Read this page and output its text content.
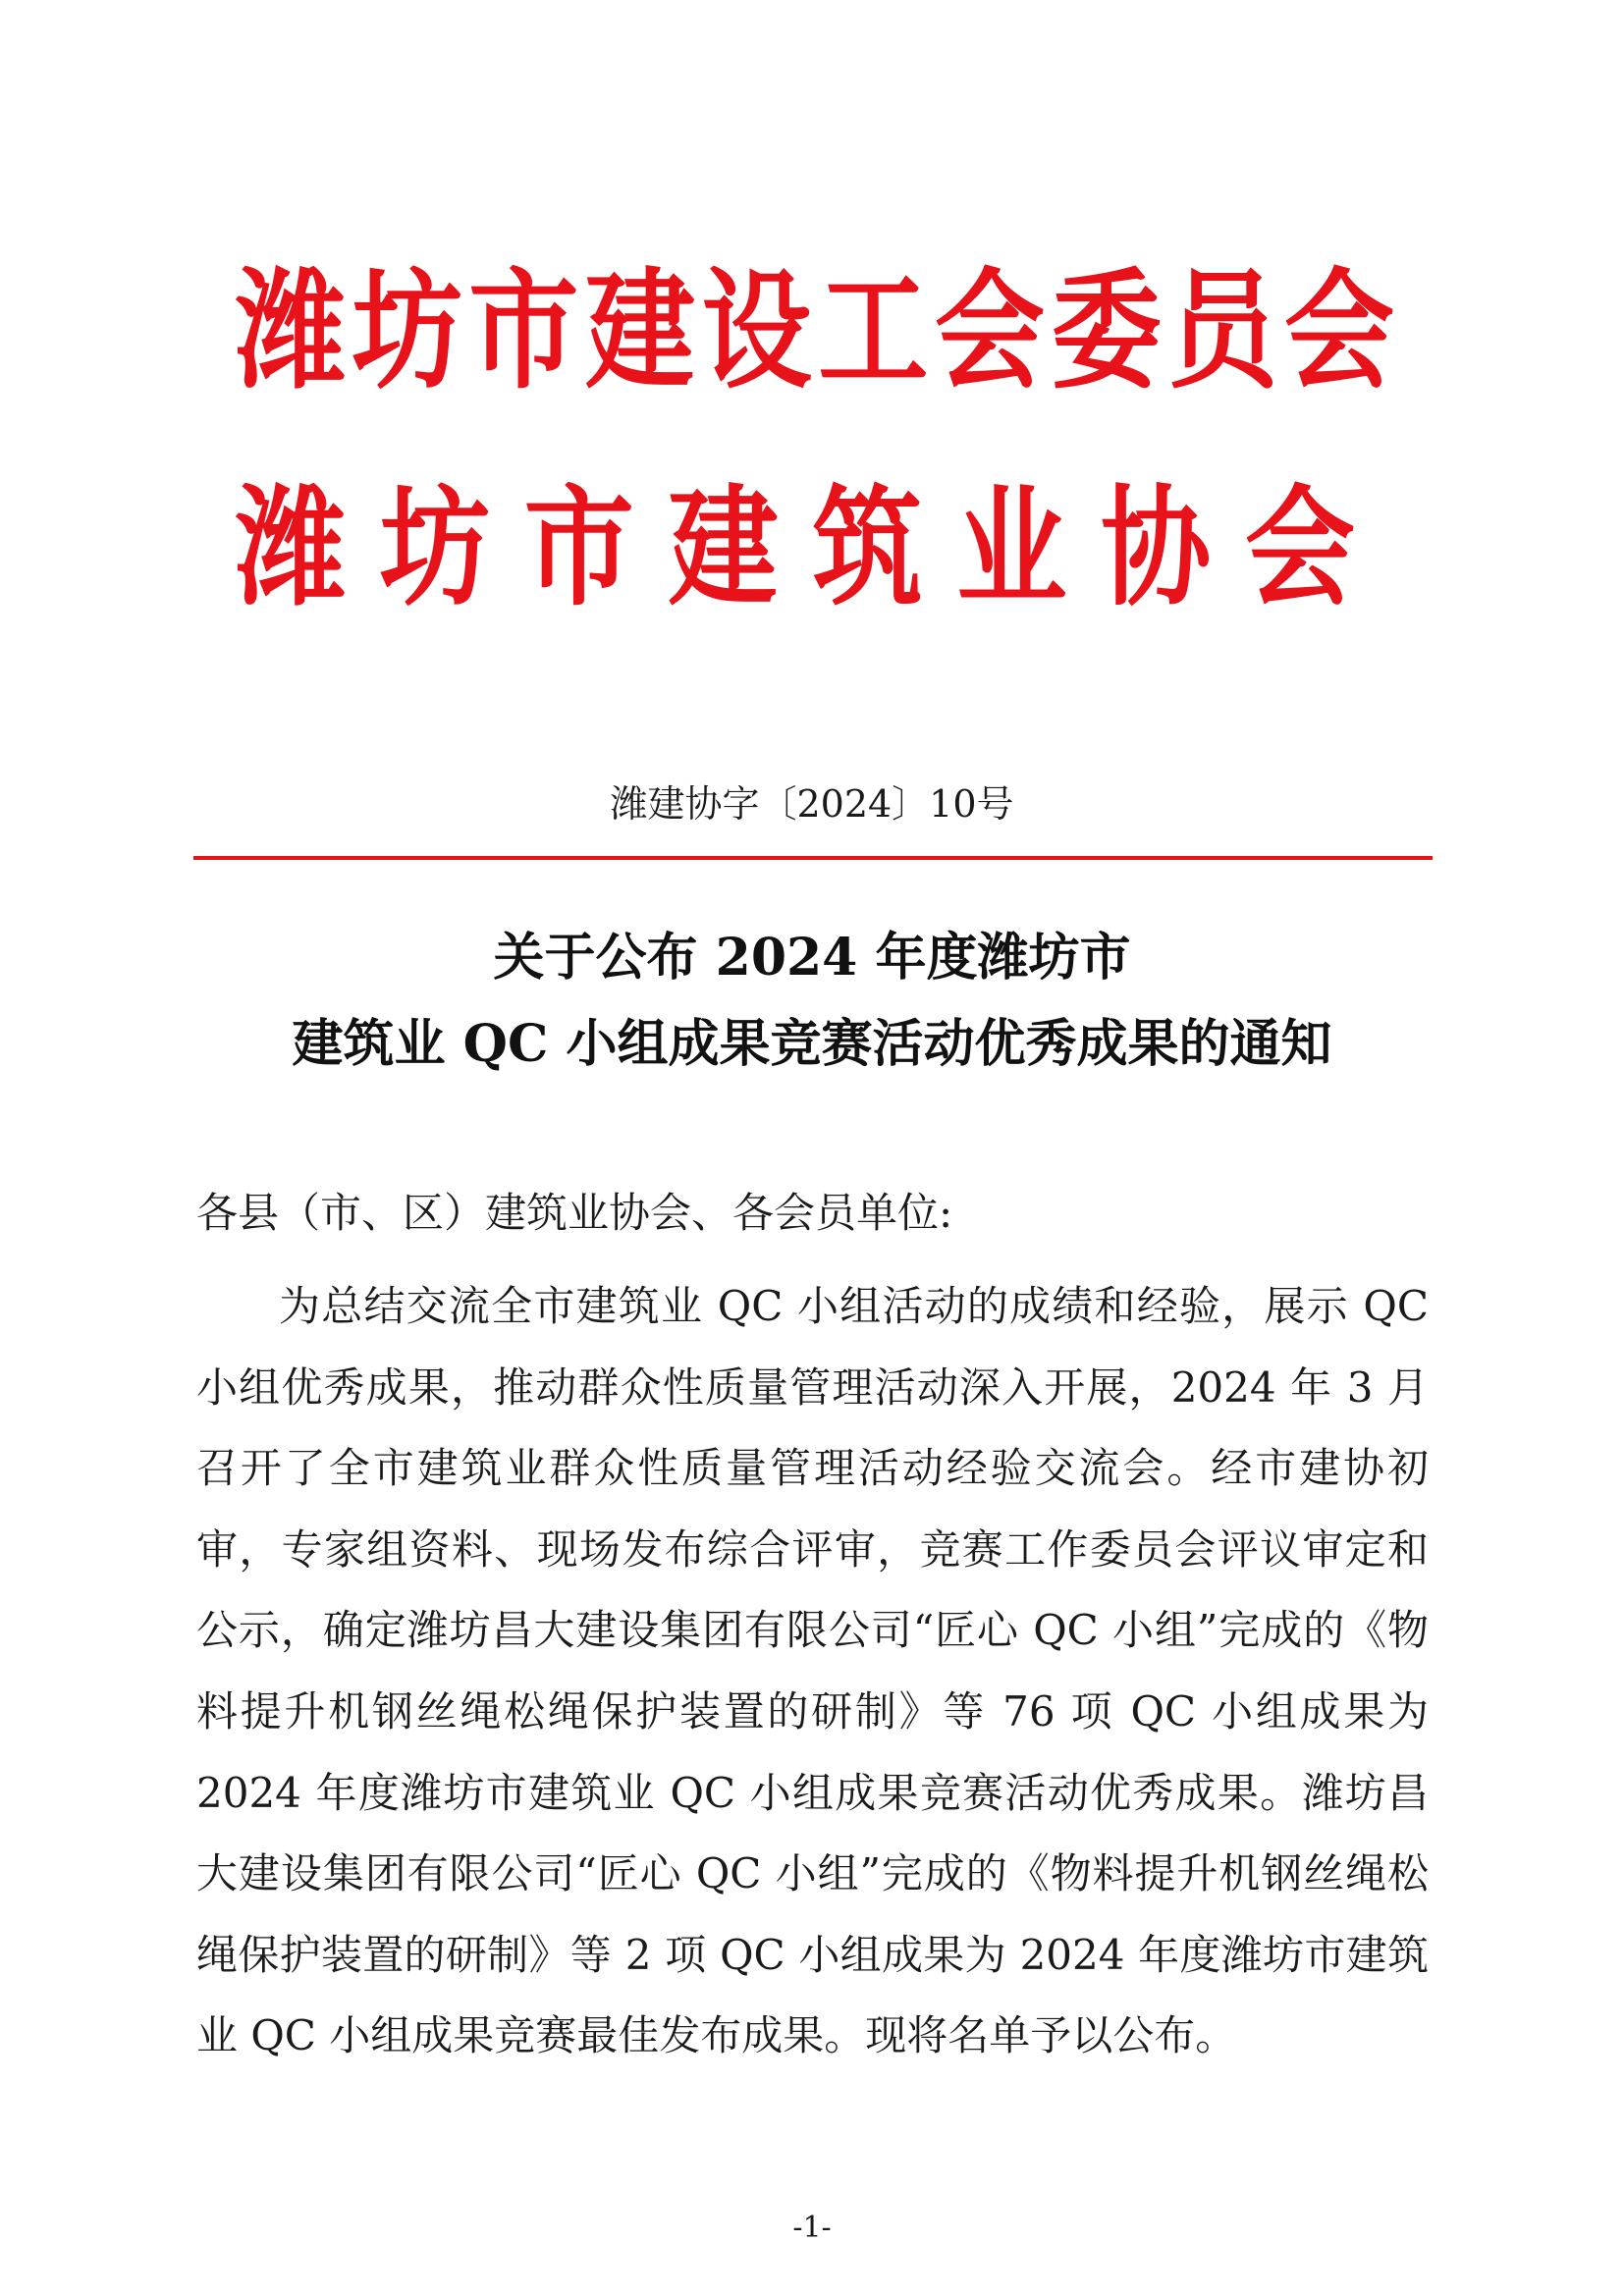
潍坊市建设工会委员会
潍坊市建筑业协会
潍建协字〔2024〕10号
关于公布 2024 年度潍坊市
建筑业 QC 小组成果竞赛活动优秀成果的通知
各县（市、区）建筑业协会、各会员单位:

为总结交流全市建筑业 QC 小组活动的成绩和经验，展示 QC 小组优秀成果，推动群众性质量管理活动深入开展，2024 年 3 月召开了全市建筑业群众性质量管理活动经验交流会。经市建协初审，专家组资料、现场发布综合评审，竞赛工作委员会评议审定和公示，确定潍坊昌大建设集团有限公司“匠心 QC 小组”完成的《物料提升机钢丝绳松绳保护装置的研制》等 76 项 QC 小组成果为 2024 年度潍坊市建筑业 QC 小组成果竞赛活动优秀成果。潍坊昌大建设集团有限公司“匠心 QC 小组”完成的《物料提升机钢丝绳松绳保护装置的研制》等 2 项 QC 小组成果为 2024 年度潍坊市建筑业 QC 小组成果竞赛最佳发布成果。现将名单予以公布。

-1-
